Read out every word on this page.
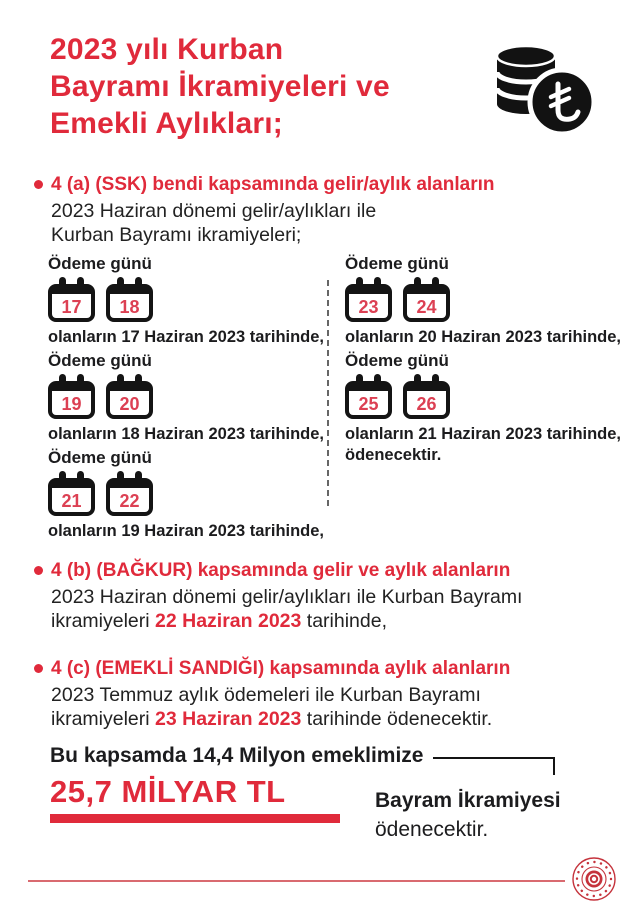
2023 yılı Kurban
Bayramı İkramiyeleri ve
Emekli Aylıkları;
4 (a) (SSK) bendi kapsamında gelir/aylık alanların
2023 Haziran dönemi gelir/aylıkları ile
Kurban Bayramı ikramiyeleri;
Ödeme günü
17	18
olanların 17 Haziran 2023 tarihinde,
Ödeme günü
19	20
olanların 18 Haziran 2023 tarihinde,
Ödeme günü
21	22
olanların 19 Haziran 2023 tarihinde,
Ödeme günü
23	24
olanların 20 Haziran 2023 tarihinde,
Ödeme günü
25	26
olanların 21 Haziran 2023 tarihinde,
ödenecektir.
4 (b) (BAĞKUR) kapsamında gelir ve aylık alanların
2023 Haziran dönemi gelir/aylıkları ile Kurban Bayramı
ikramiyeleri 22 Haziran 2023 tarihinde,
4 (c) (EMEKLİ SANDIĞI) kapsamında aylık alanların
2023 Temmuz aylık ödemeleri ile Kurban Bayramı
ikramiyeleri 23 Haziran 2023 tarihinde ödenecektir.
Bu kapsamda 14,4 Milyon emeklimize
25,7 MİLYAR TL	Bayram İkramiyesi
ödenecektir.
